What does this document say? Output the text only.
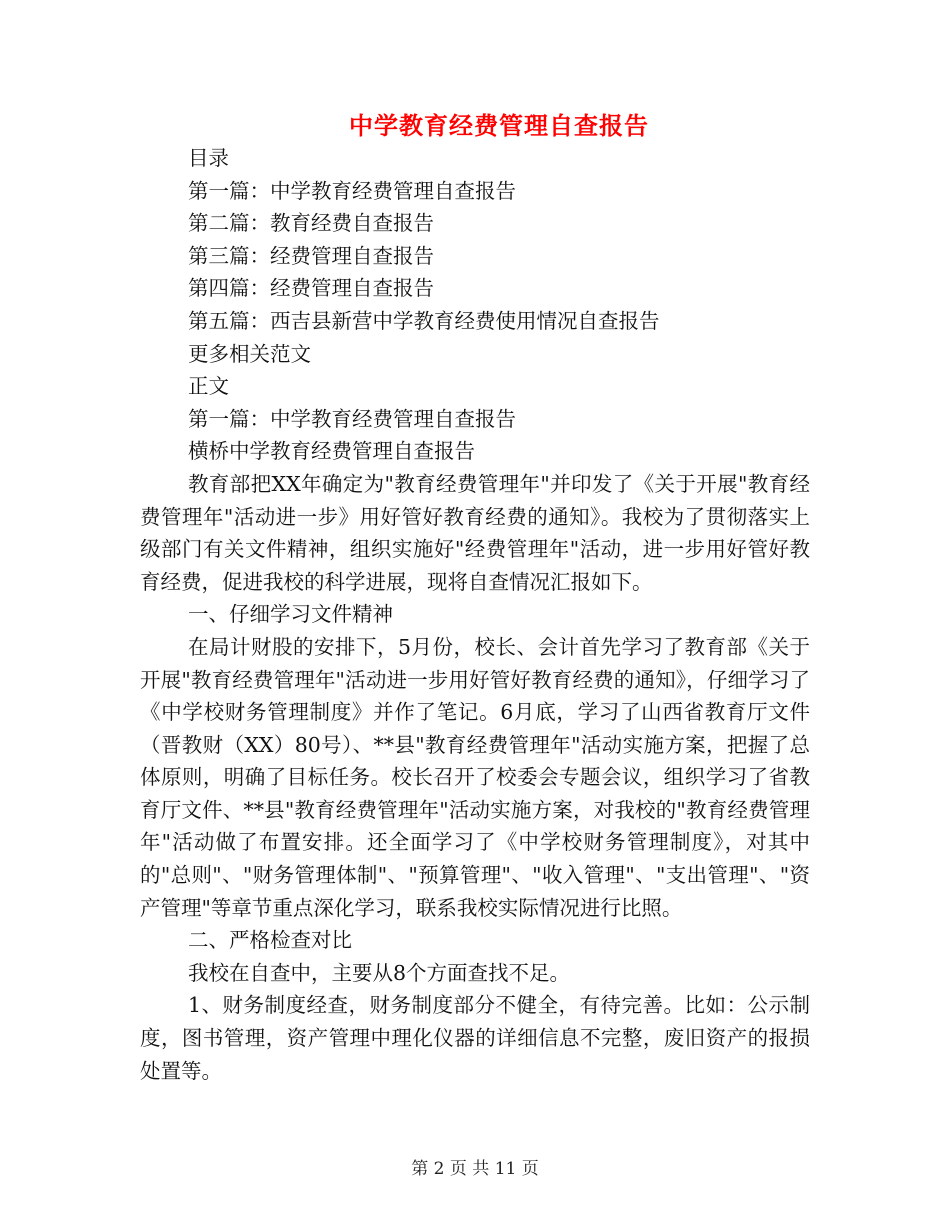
中学教育经费管理自查报告
目录
第一篇：中学教育经费管理自查报告
第二篇：教育经费自查报告
第三篇：经费管理自查报告
第四篇：经费管理自查报告
第五篇：西吉县新营中学教育经费使用情况自查报告
更多相关范文
正文
第一篇：中学教育经费管理自查报告
横桥中学教育经费管理自查报告
教育部把XX年确定为"教育经费管理年"并印发了《关于开展"教育经费管理年"活动进一步》用好管好教育经费的通知》。我校为了贯彻落实上级部门有关文件精神，组织实施好"经费管理年"活动，进一步用好管好教育经费，促进我校的科学进展，现将自查情况汇报如下。
一、仔细学习文件精神
在局计财股的安排下，5月份，校长、会计首先学习了教育部《关于开展"教育经费管理年"活动进一步用好管好教育经费的通知》，仔细学习了《中学校财务管理制度》并作了笔记。6月底，学习了山西省教育厅文件（晋教财（XX）80号）、**县"教育经费管理年"活动实施方案，把握了总体原则，明确了目标任务。校长召开了校委会专题会议，组织学习了省教育厅文件、**县"教育经费管理年"活动实施方案，对我校的"教育经费管理年"活动做了布置安排。还全面学习了《中学校财务管理制度》，对其中的"总则"、"财务管理体制"、"预算管理"、"收入管理"、"支出管理"、"资产管理"等章节重点深化学习，联系我校实际情况进行比照。
二、严格检查对比
我校在自查中，主要从8个方面查找不足。
1、财务制度经查，财务制度部分不健全，有待完善。比如：公示制度，图书管理，资产管理中理化仪器的详细信息不完整，废旧资产的报损处置等。
第 2 页 共 11 页
